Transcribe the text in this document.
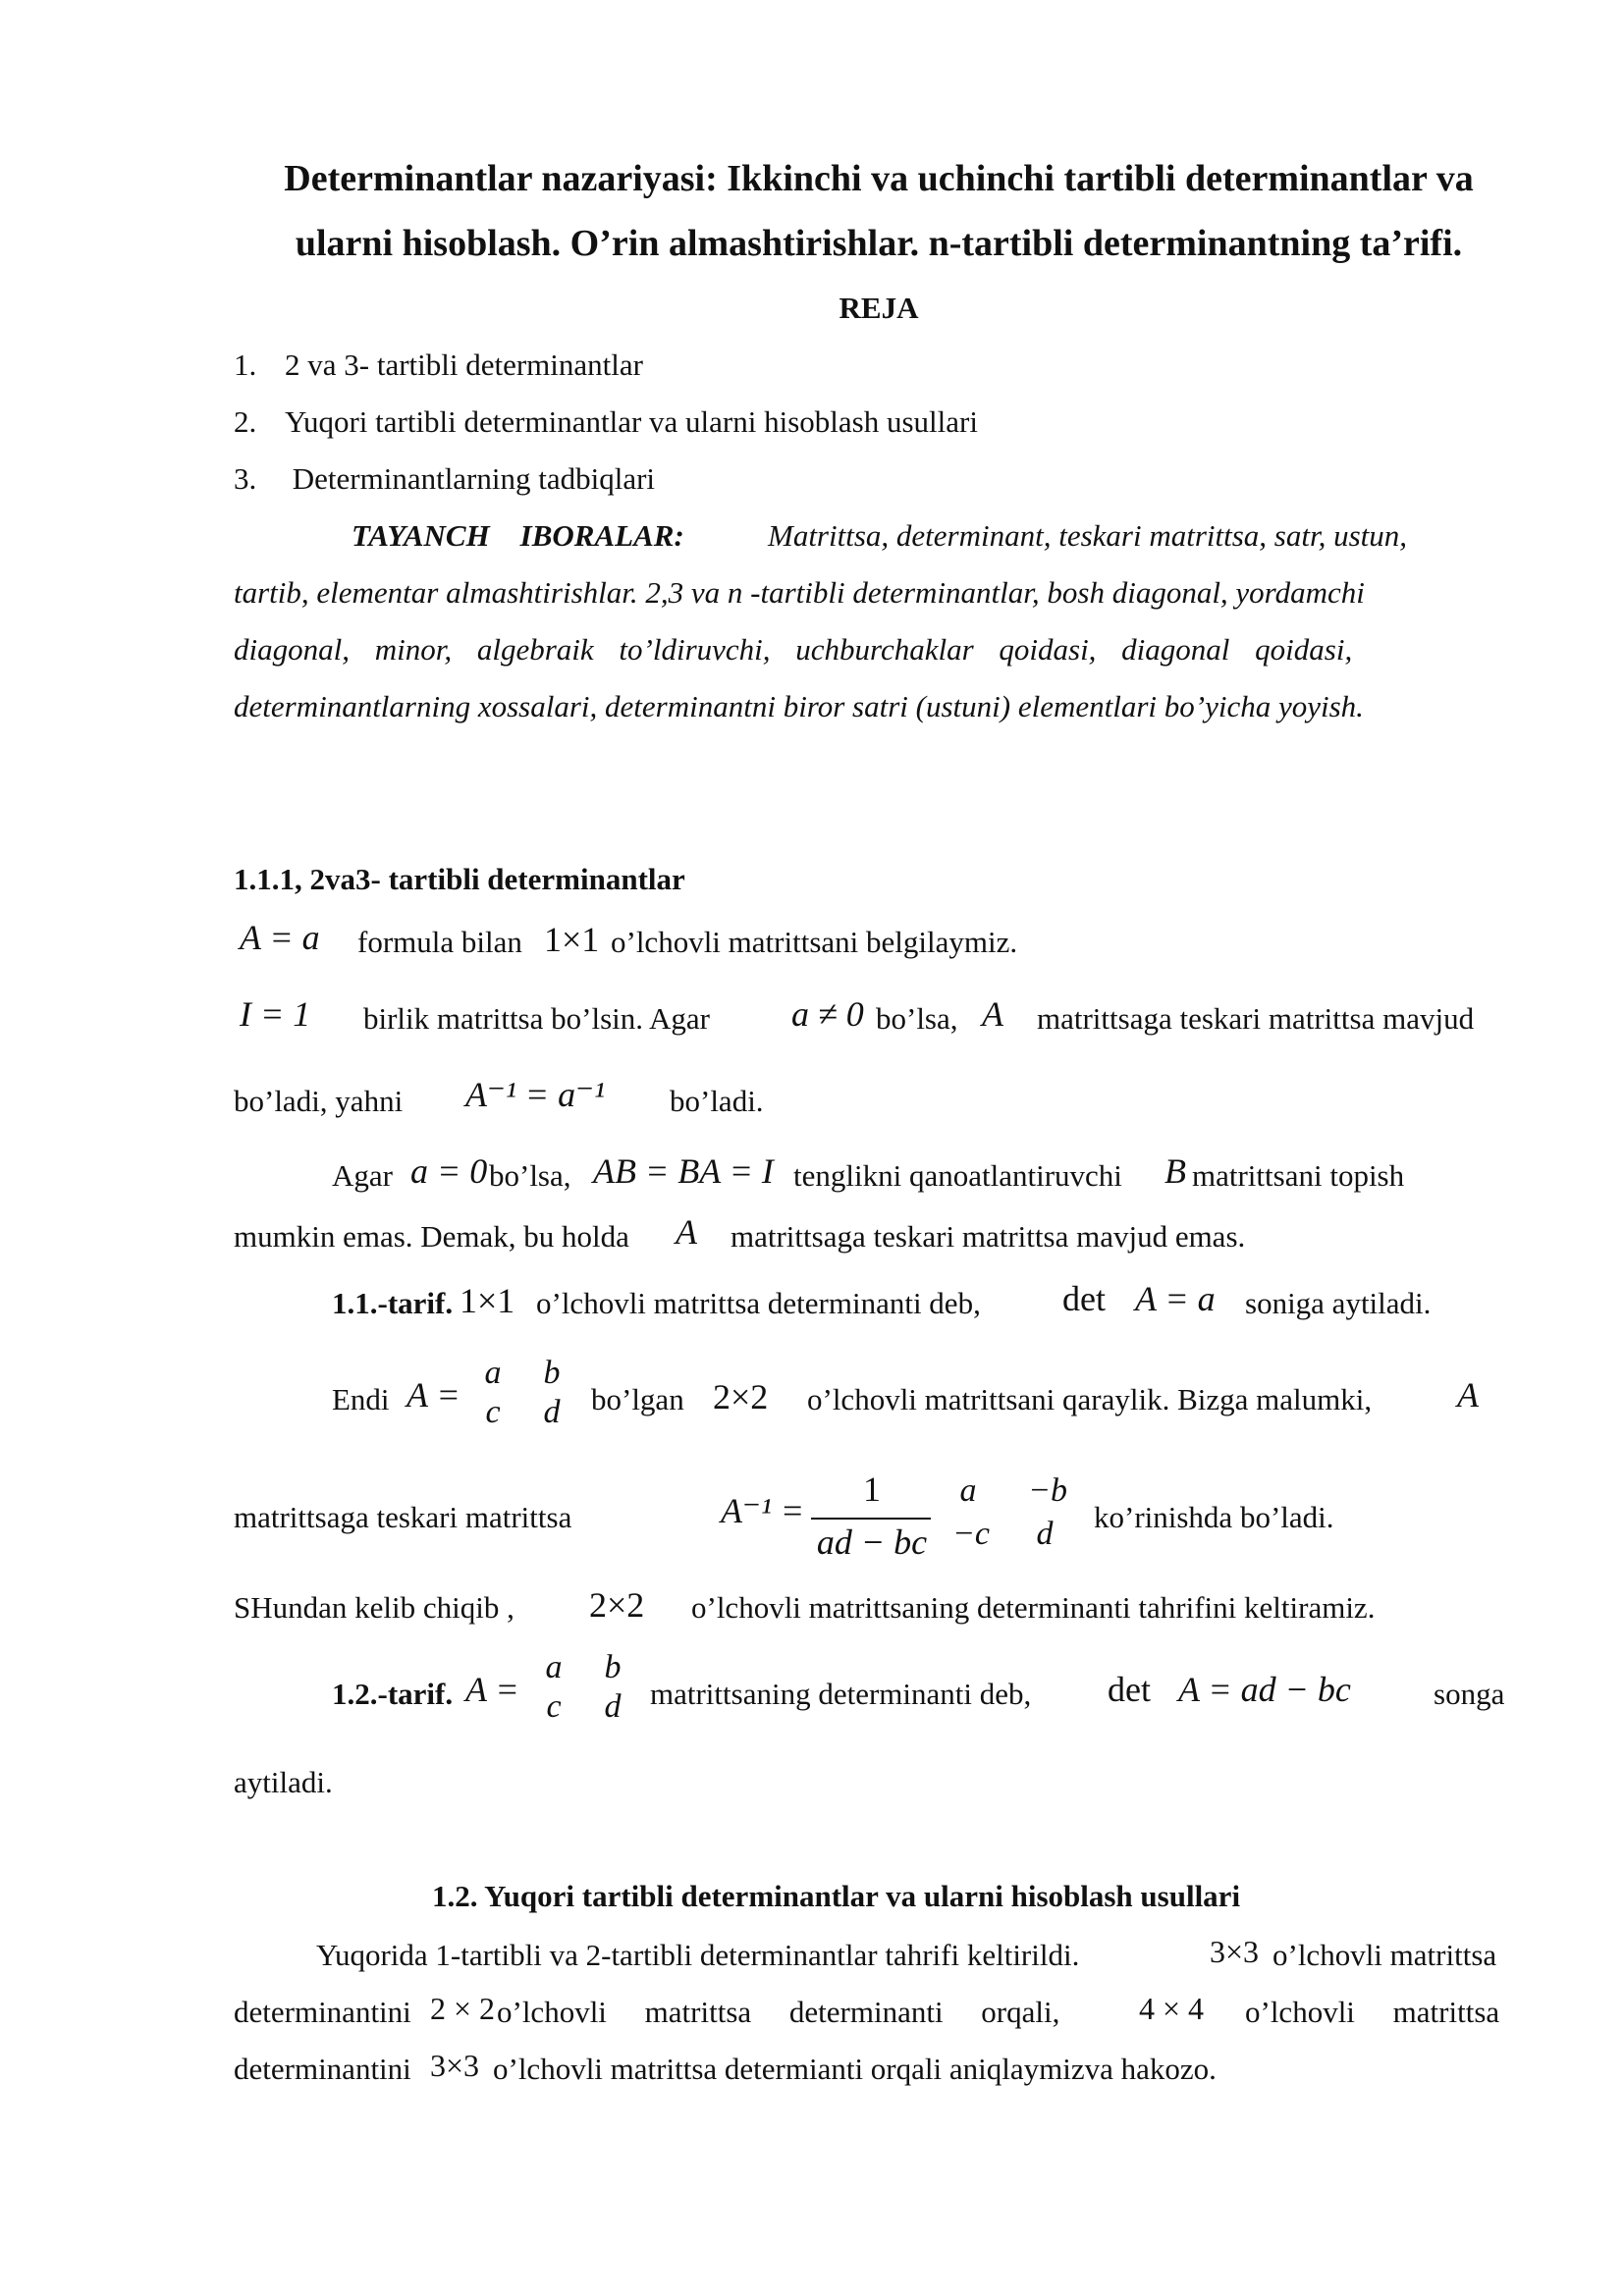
Determinantlar nazariyasi: Ikkinchi va uchinchi tartibli determinantlar va
ularni hisoblash. O’rin almashtirishlar. n-tartibli determinantning ta’rifi.
REJA
1. 2 va 3- tartibli determinantlar
2. Yuqori tartibli determinantlar va ularni hisoblash usullari
3. Determinantlarning tadbiqlari
TAYANCH    IBORALAR:	Matrittsa, determinant, teskari matrittsa, satr, ustun,
tartib, elementar almashtirishlar. 2,3 va n -tartibli determinantlar, bosh diagonal, yordamchi
diagonal, minor, algebraik to’ldiruvchi, uchburchaklar qoidasi, diagonal qoidasi,
determinantlarning xossalari, determinantni biror satri (ustuni) elementlari bo’yicha yoyish.
1.1.1, 2va3- tartibli determinantlar
A = a formula bilan 1×1 o’lchovli matrittsani belgilaymiz.
I = 1 birlik matrittsa bo’lsin. Agar a ≠ 0 bo’lsa, A matrittsaga teskari matrittsa mavjud
bo’ladi, yahni A⁻¹ = a⁻¹ bo’ladi.
Agar a = 0 bo’lsa, AB = BA = I tenglikni qanoatlantiruvchi B matrittsani topish
mumkin emas. Demak, bu holda A matrittsaga teskari matrittsa mavjud emas.
1.1.-tarif. 1×1 o’lchovli matrittsa determinanti deb, det A = a soniga aytiladi.
Endi A =
a	b
c	d	bo’lgan 2×2 o’lchovli matrittsani qaraylik. Bizga malumki, A
matrittsaga teskari matrittsa	A⁻¹ =
1
ad − bc
a	−b
−c	d	ko’rinishda bo’ladi.
SHundan kelib chiqib , 2×2 o’lchovli matrittsaning determinanti tahrifini keltiramiz.
1.2.-tarif. A =
a	b
c	d matrittsaning determinanti deb, det A = ad − bc	songa
aytiladi.
1.2. Yuqori tartibli determinantlar va ularni hisoblash usullari
Yuqorida 1-tartibli va 2-tartibli determinantlar tahrifi keltirildi.	3×3 o’lchovli matrittsa
determinantini 2 × 2 o’lchovli     matrittsa     determinanti     orqali,	4 × 4 o’lchovli     matrittsa
determinantini 3×3 o’lchovli matrittsa determianti orqali aniqlaymizva hakozo.
